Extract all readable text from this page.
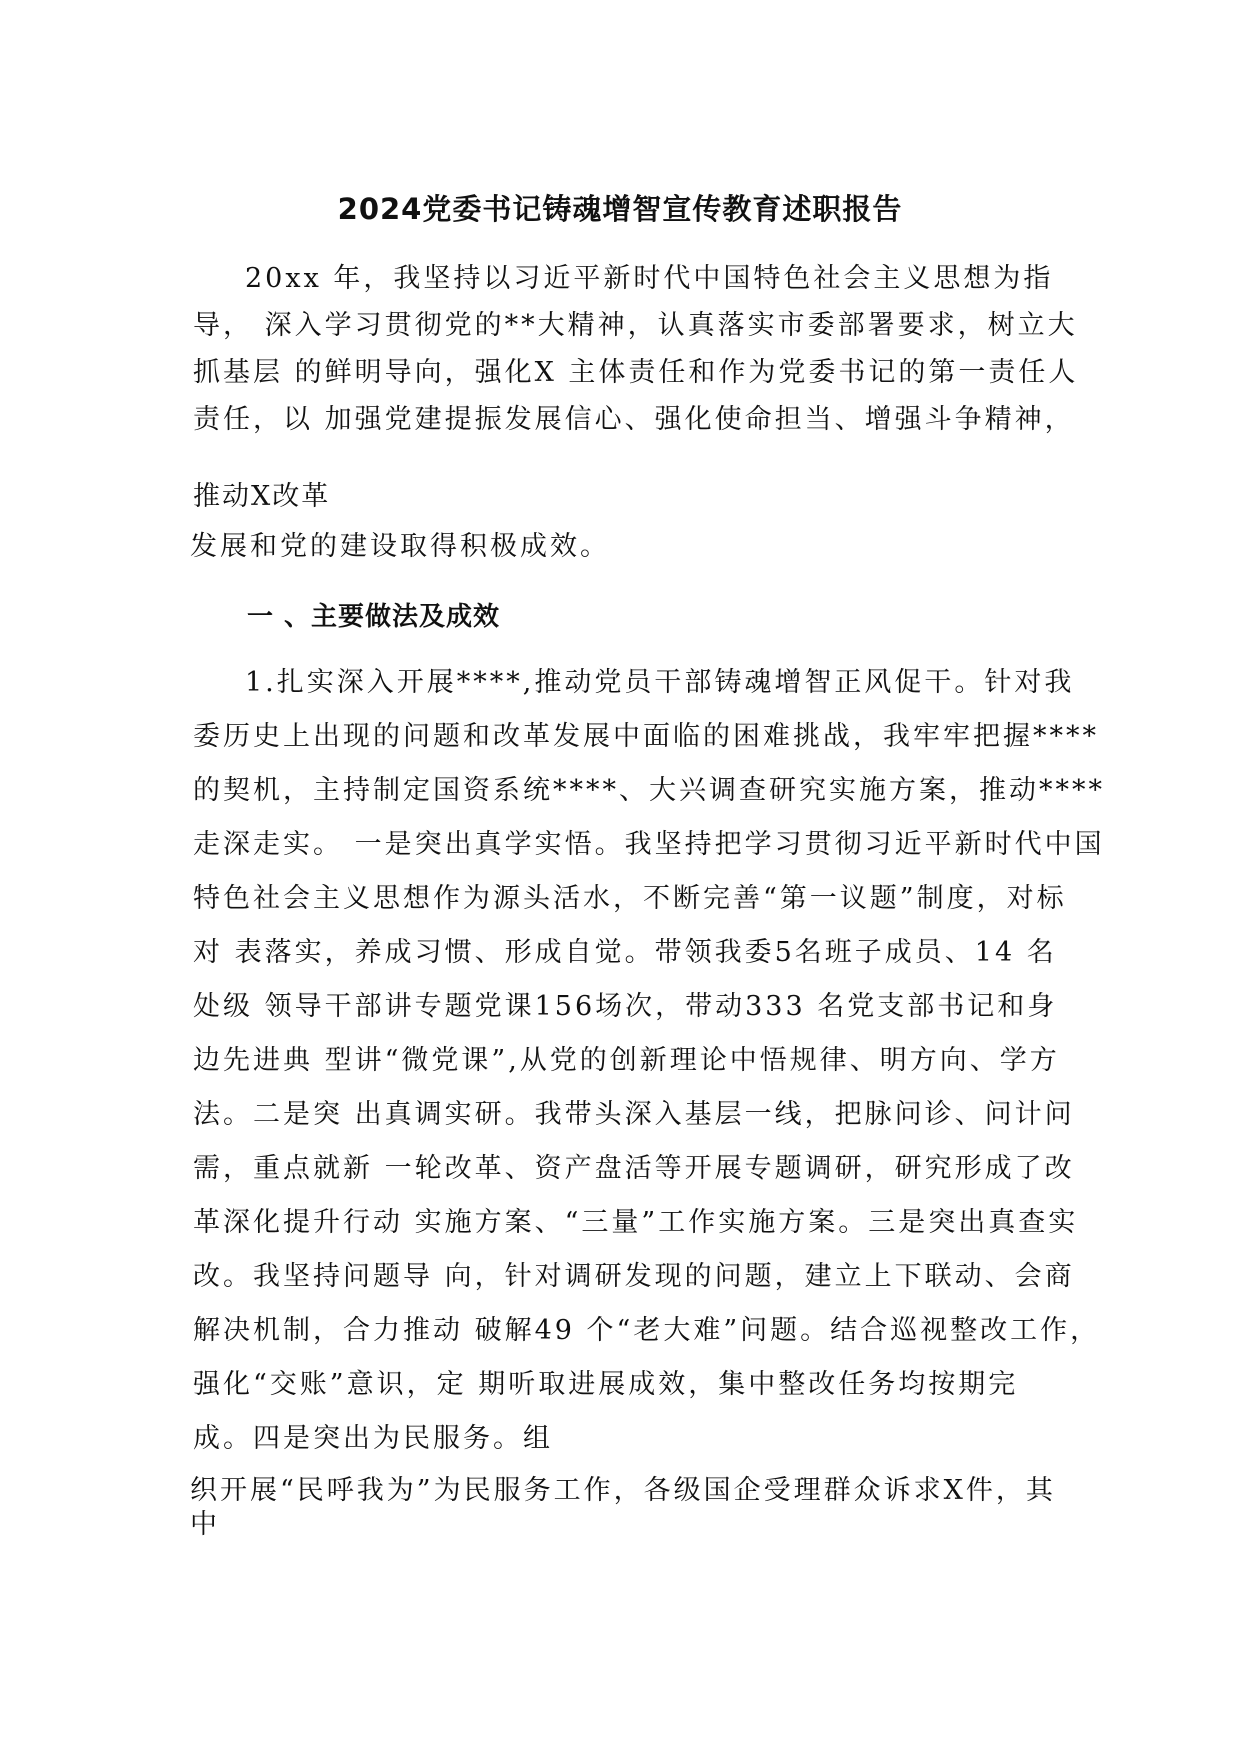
2024党委书记铸魂增智宣传教育述职报告
20xx 年，我坚持以习近平新时代中国特色社会主义思想为指
导， 深入学习贯彻党的**大精神，认真落实市委部署要求，树立大
抓基层 的鲜明导向，强化X 主体责任和作为党委书记的第一责任人
责任，以 加强党建提振发展信心、强化使命担当、增强斗争精神，
推动X改革
发展和党的建设取得积极成效。
一 、主要做法及成效
1.扎实深入开展****,推动党员干部铸魂增智正风促干。针对我
委历史上出现的问题和改革发展中面临的困难挑战，我牢牢把握****
的契机，主持制定国资系统****、大兴调查研究实施方案，推动****
走深走实。 一是突出真学实悟。我坚持把学习贯彻习近平新时代中国
特色社会主义思想作为源头活水，不断完善“第一议题”制度，对标
对 表落实，养成习惯、形成自觉。带领我委5名班子成员、14 名
处级 领导干部讲专题党课156场次，带动333 名党支部书记和身
边先进典 型讲“微党课”,从党的创新理论中悟规律、明方向、学方
法。二是突 出真调实研。我带头深入基层一线，把脉问诊、问计问
需，重点就新 一轮改革、资产盘活等开展专题调研，研究形成了改
革深化提升行动 实施方案、“三量”工作实施方案。三是突出真查实
改。我坚持问题导 向，针对调研发现的问题，建立上下联动、会商
解决机制，合力推动 破解49 个“老大难”问题。结合巡视整改工作，
强化“交账”意识，定 期听取进展成效，集中整改任务均按期完
成。四是突出为民服务。组
织开展“民呼我为”为民服务工作，各级国企受理群众诉求X件，其
中
